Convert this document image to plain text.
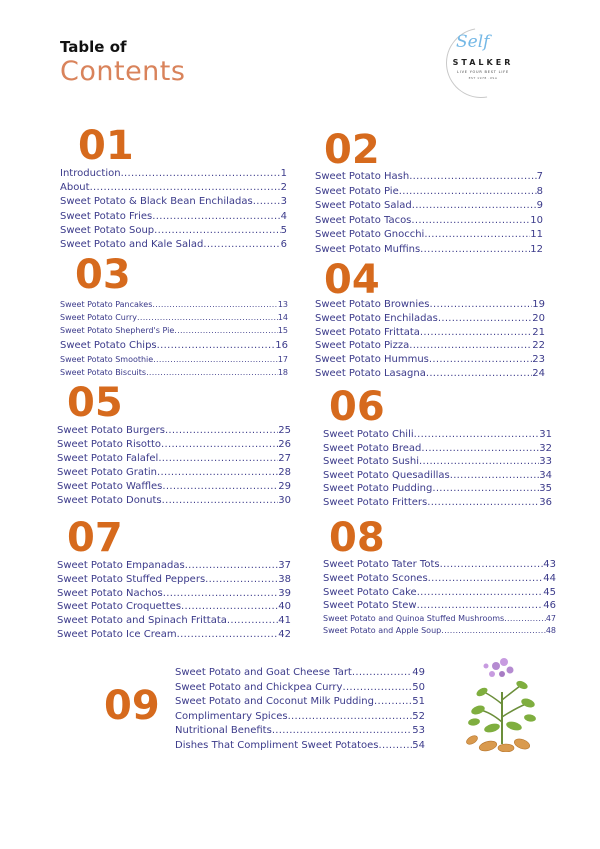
Table of
Contents
Self
STALKER
LIVE YOUR BEST LIFE
EST 1978 ·USA
01	02
03	04
05	06
07	08
09
Introduction .....	1
About .....	2
Sweet Potato & Black Bean Enchiladas .....	3
Sweet Potato Fries .....	4
Sweet Potato Soup .....	5
Sweet Potato and Kale Salad .....	6
Sweet Potato Hash .....	7
Sweet Potato Pie .....	8
Sweet Potato Salad .....	9
Sweet Potato Tacos .....	10
Sweet Potato Gnocchi .....	11
Sweet Potato Muffins .....	12
Sweet Potato Pancakes .....	13
Sweet Potato Curry .....	14
Sweet Potato Shepherd's Pie .....	15
Sweet Potato Chips .....	16
Sweet Potato Smoothie .....	17
Sweet Potato Biscuits .....	18
Sweet Potato Brownies .....	19
Sweet Potato Enchiladas .....	20
Sweet Potato Frittata .....	21
Sweet Potato Pizza .....	22
Sweet Potato Hummus .....	23
Sweet Potato Lasagna .....	24
Sweet Potato Burgers .....	25
Sweet Potato Risotto .....	26
Sweet Potato Falafel .....	27
Sweet Potato Gratin .....	28
Sweet Potato Waffles .....	29
Sweet Potato Donuts .....	30
Sweet Potato Chili .....	31
Sweet Potato Bread .....	32
Sweet Potato Sushi .....	33
Sweet Potato Quesadillas .....	34
Sweet Potato Pudding .....	35
Sweet Potato Fritters .....	36
Sweet Potato Empanadas .....	37
Sweet Potato Stuffed Peppers .....	38
Sweet Potato Nachos .....	39
Sweet Potato Croquettes .....	40
Sweet Potato and Spinach Frittata .....	41
Sweet Potato Ice Cream .....	42
Sweet Potato Tater Tots .....	43
Sweet Potato Scones .....	44
Sweet Potato Cake .....	45
Sweet Potato Stew .....	46
Sweet Potato and Quinoa Stuffed Mushrooms .....	47
Sweet Potato and Apple Soup .....	48
Sweet Potato and Goat Cheese Tart .....	49
Sweet Potato and Chickpea Curry .....	50
Sweet Potato and Coconut Milk Pudding .....	51
Complimentary Spices .....	52
Nutritional Benefits .....	53
Dishes That Compliment Sweet Potatoes .....	54
